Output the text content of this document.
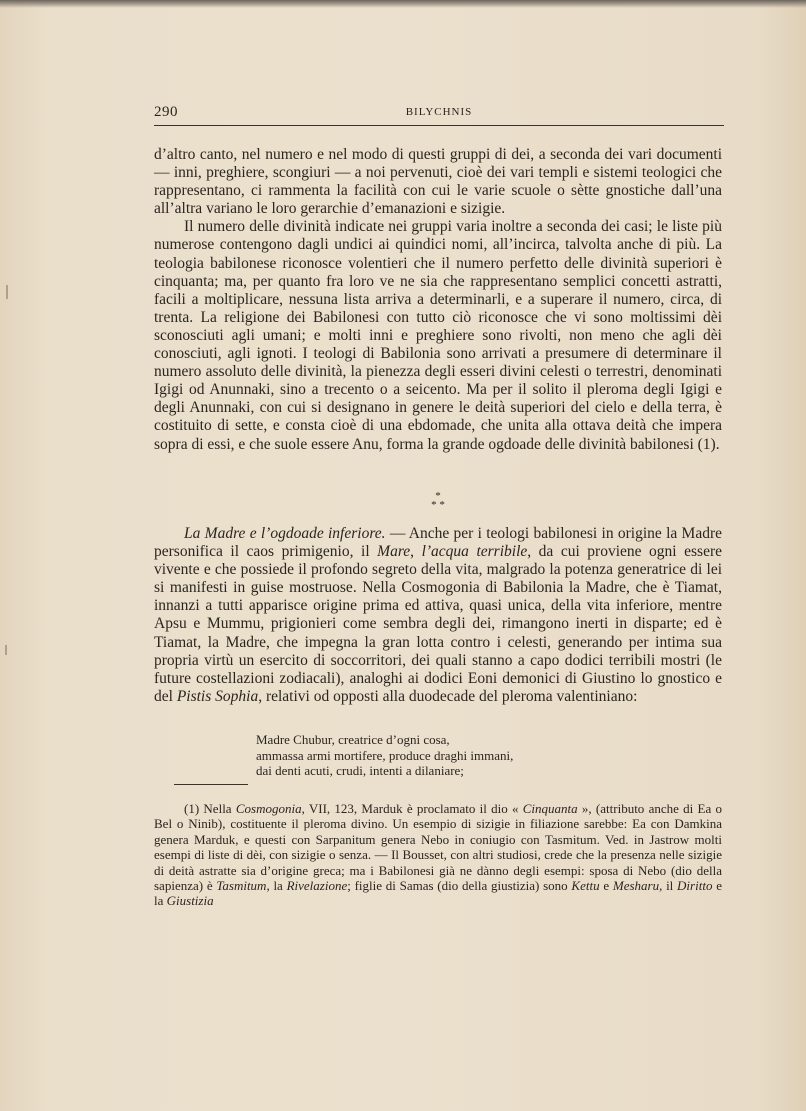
290	BILYCHNIS

d’altro canto, nel numero e nel modo di questi gruppi di dei, a seconda dei vari documenti — inni, preghiere, scongiuri — a noi pervenuti, cioè dei vari templi e sistemi teologici che rappresentano, ci rammenta la facilità con cui le varie scuole o sètte gnostiche dall’una all’altra variano le loro gerarchie d’emanazioni e sizigie.

Il numero delle divinità indicate nei gruppi varia inoltre a seconda dei casi; le liste più numerose contengono dagli undici ai quindici nomi, all’incirca, talvolta anche di più. La teologia babilonese riconosce volentieri che il numero perfetto delle divinità superiori è cinquanta; ma, per quanto fra loro ve ne sia che rappresentano semplici concetti astratti, facili a moltiplicare, nessuna lista arriva a determinarli, e a superare il numero, circa, di trenta. La religione dei Babilonesi con tutto ciò riconosce che vi sono moltissimi dèi sconosciuti agli umani; e molti inni e preghiere sono rivolti, non meno che agli dèi conosciuti, agli ignoti. I teologi di Babilonia sono arrivati a presumere di determinare il numero assoluto delle divinità, la pienezza degli esseri divini celesti o terrestri, denominati Igigi od Anunnaki, sino a trecento o a seicento. Ma per il solito il pleroma degli Igigi e degli Anunnaki, con cui si designano in genere le deità superiori del cielo e della terra, è costituito di sette, e consta cioè di una ebdomade, che unita alla ottava deità che impera sopra di essi, e che suole essere Anu, forma la grande ogdoade delle divinità babilonesi (1).

*
* *

La Madre e l’ogdoade inferiore. — Anche per i teologi babilonesi in origine la Madre personifica il caos primigenio, il Mare, l’acqua terribile, da cui proviene ogni essere vivente e che possiede il profondo segreto della vita, malgrado la potenza generatrice di lei si manifesti in guise mostruose. Nella Cosmogonia di Babilonia la Madre, che è Tiamat, innanzi a tutti apparisce origine prima ed attiva, quasi unica, della vita inferiore, mentre Apsu e Mummu, prigionieri come sembra degli dei, rimangono inerti in disparte; ed è Tiamat, la Madre, che impegna la gran lotta contro i celesti, generando per intima sua propria virtù un esercito di soccorritori, dei quali stanno a capo dodici terribili mostri (le future costellazioni zodiacali), analoghi ai dodici Eoni demonici di Giustino lo gnostico e del Pistis Sophia, relativi od opposti alla duodecade del pleroma valentiniano:

Madre Chubur, creatrice d’ogni cosa,
ammassa armi mortifere, produce draghi immani,
dai denti acuti, crudi, intenti a dilaniare;

(1) Nella Cosmogonia, VII, 123, Marduk è proclamato il dio « Cinquanta », (attributo anche di Ea o Bel o Ninib), costituente il pleroma divino. Un esempio di sizigie in filiazione sarebbe: Ea con Damkina genera Marduk, e questi con Sarpanitum genera Nebo in coniugio con Tasmitum. Ved. in Jastrow molti esempi di liste di dèi, con sizigie o senza. — Il Bousset, con altri studiosi, crede che la presenza nelle sizigie di deità astratte sia d’origine greca; ma i Babilonesi già ne dànno degli esempi: sposa di Nebo (dio della sapienza) è Tasmitum, la Rivelazione; figlie di Samas (dio della giustizia) sono Kettu e Mesharu, il Diritto e la Giustizia
